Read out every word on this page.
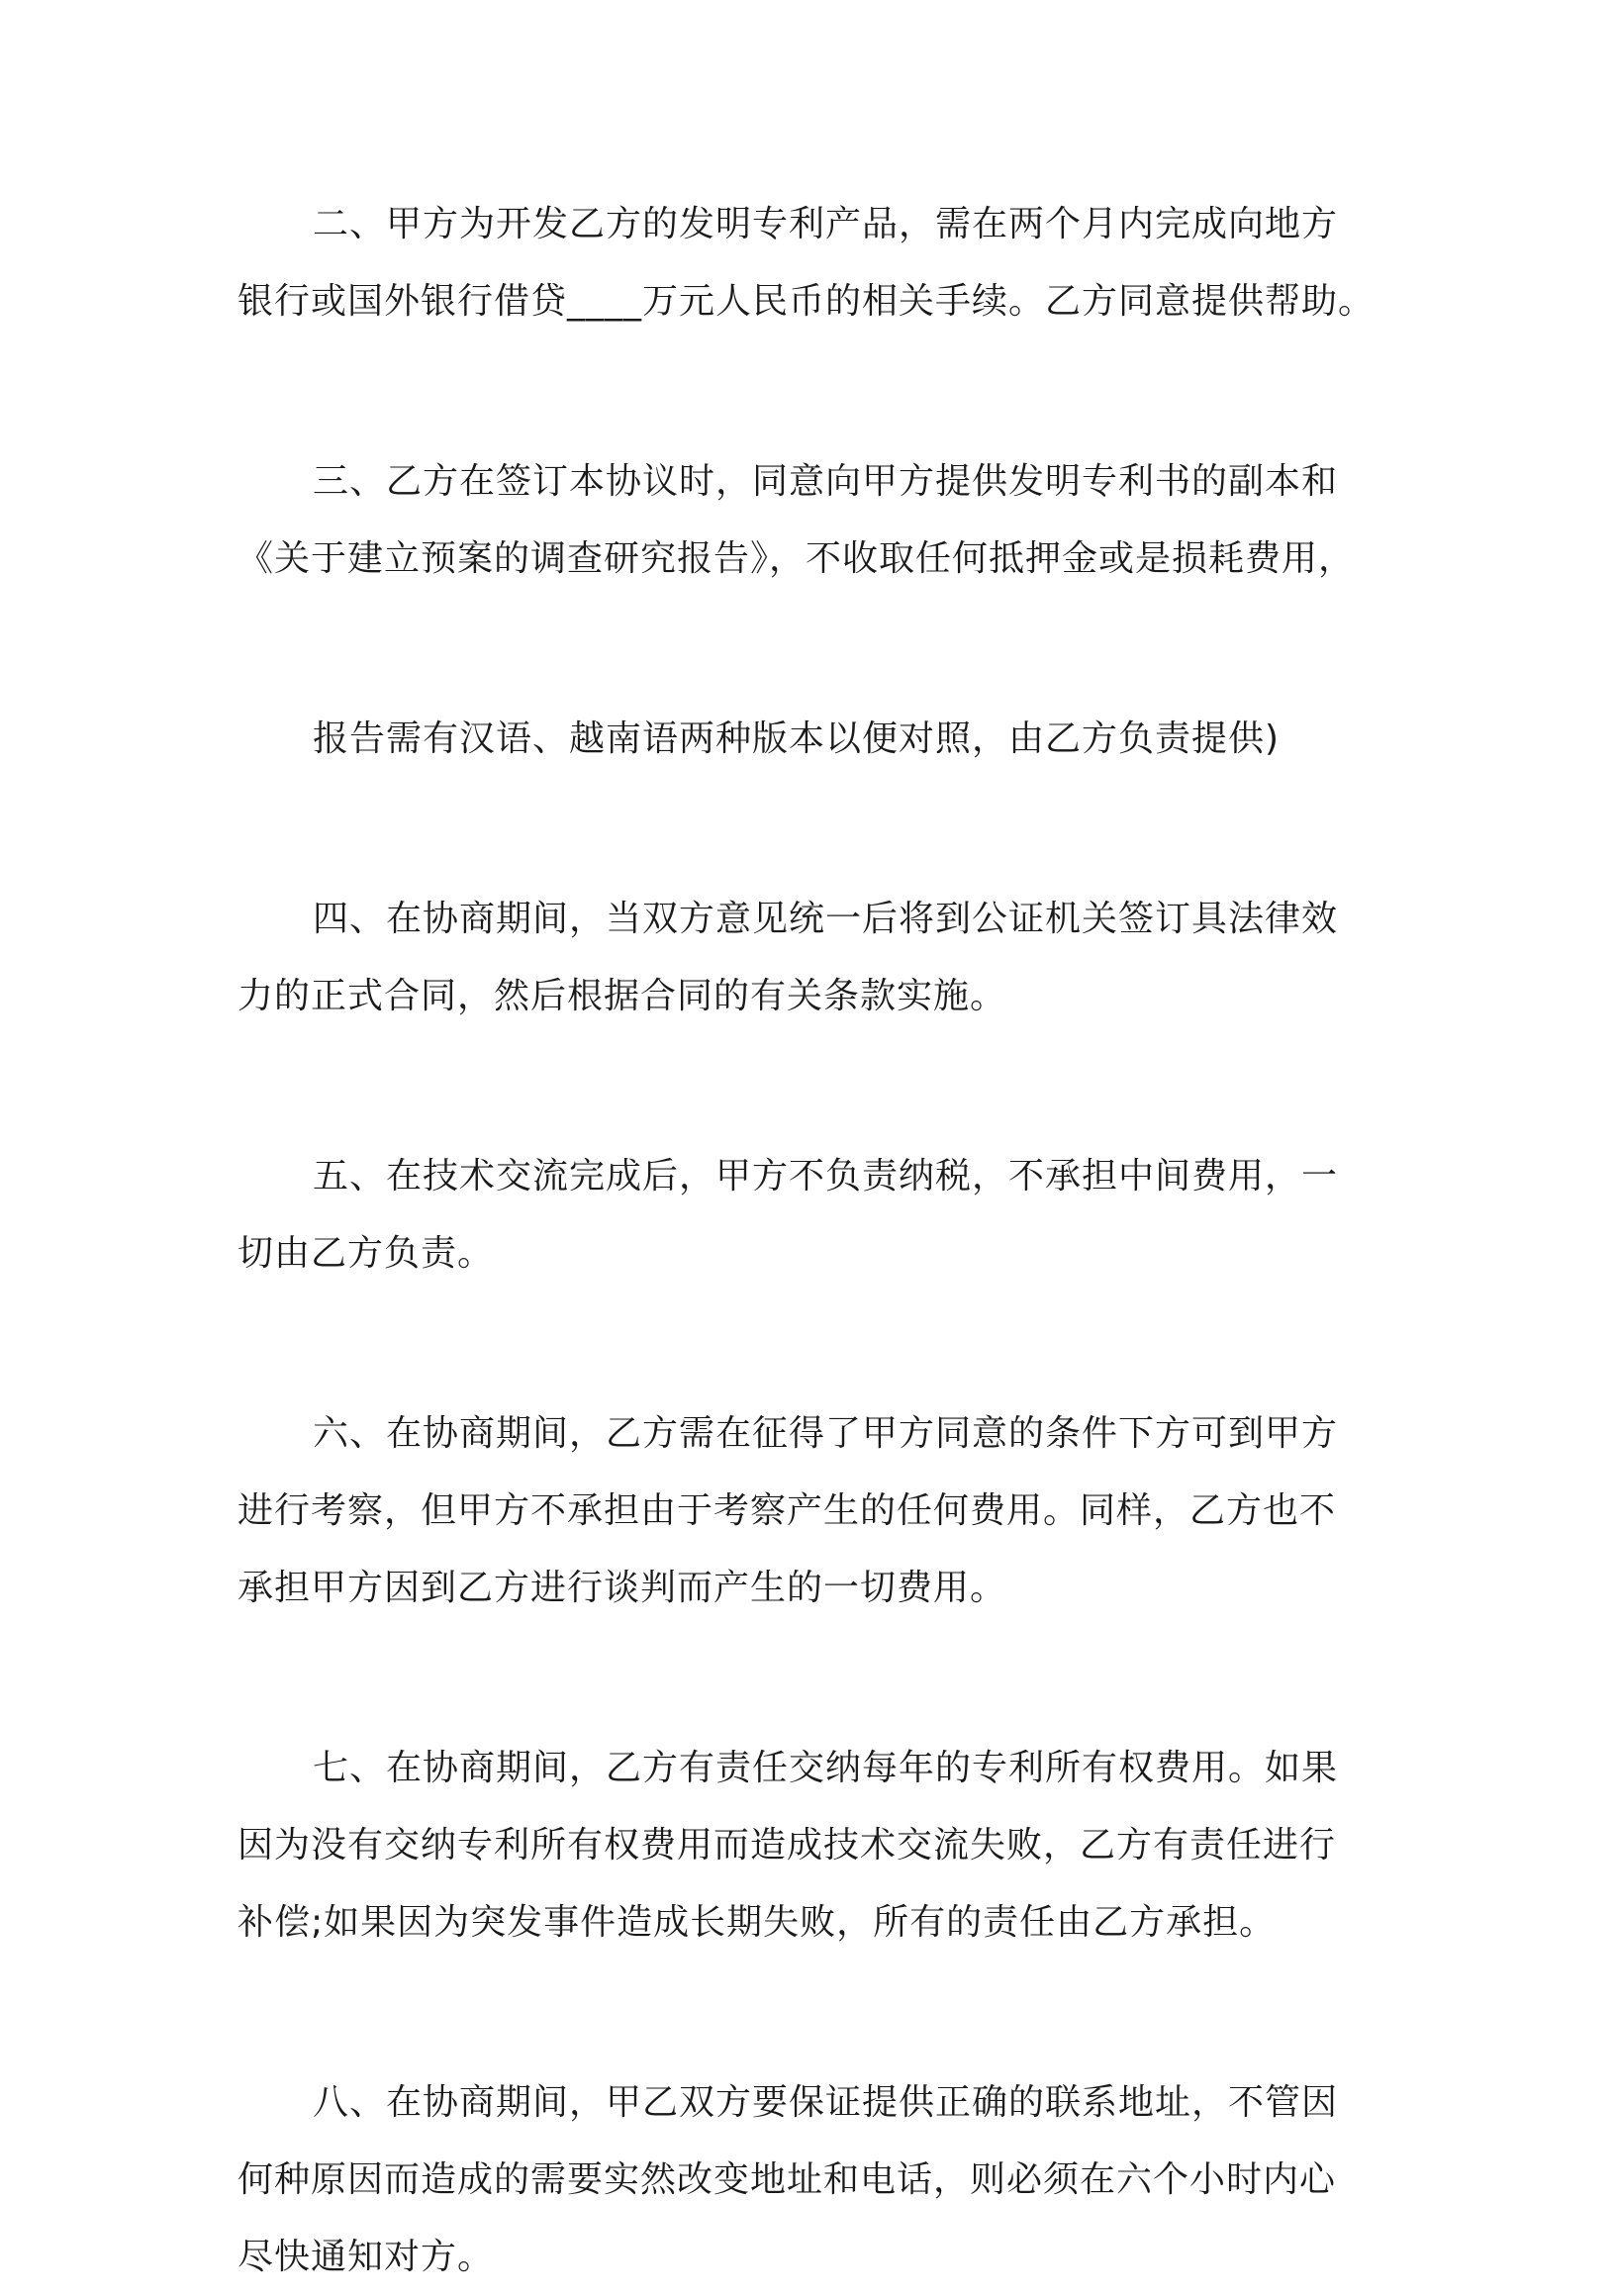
二、甲方为开发乙方的发明专利产品，需在两个月内完成向地方
银行或国外银行借贷____万元人民币的相关手续。乙方同意提供帮助。
三、乙方在签订本协议时，同意向甲方提供发明专利书的副本和
《关于建立预案的调查研究报告》，不收取任何抵押金或是损耗费用，
报告需有汉语、越南语两种版本以便对照，由乙方负责提供)
四、在协商期间，当双方意见统一后将到公证机关签订具法律效
力的正式合同，然后根据合同的有关条款实施。
五、在技术交流完成后，甲方不负责纳税，不承担中间费用，一
切由乙方负责。
六、在协商期间，乙方需在征得了甲方同意的条件下方可到甲方
进行考察，但甲方不承担由于考察产生的任何费用。同样，乙方也不
承担甲方因到乙方进行谈判而产生的一切费用。
七、在协商期间，乙方有责任交纳每年的专利所有权费用。如果
因为没有交纳专利所有权费用而造成技术交流失败，乙方有责任进行
补偿;如果因为突发事件造成长期失败，所有的责任由乙方承担。
八、在协商期间，甲乙双方要保证提供正确的联系地址，不管因
何种原因而造成的需要实然改变地址和电话，则必须在六个小时内心
尽快通知对方。
